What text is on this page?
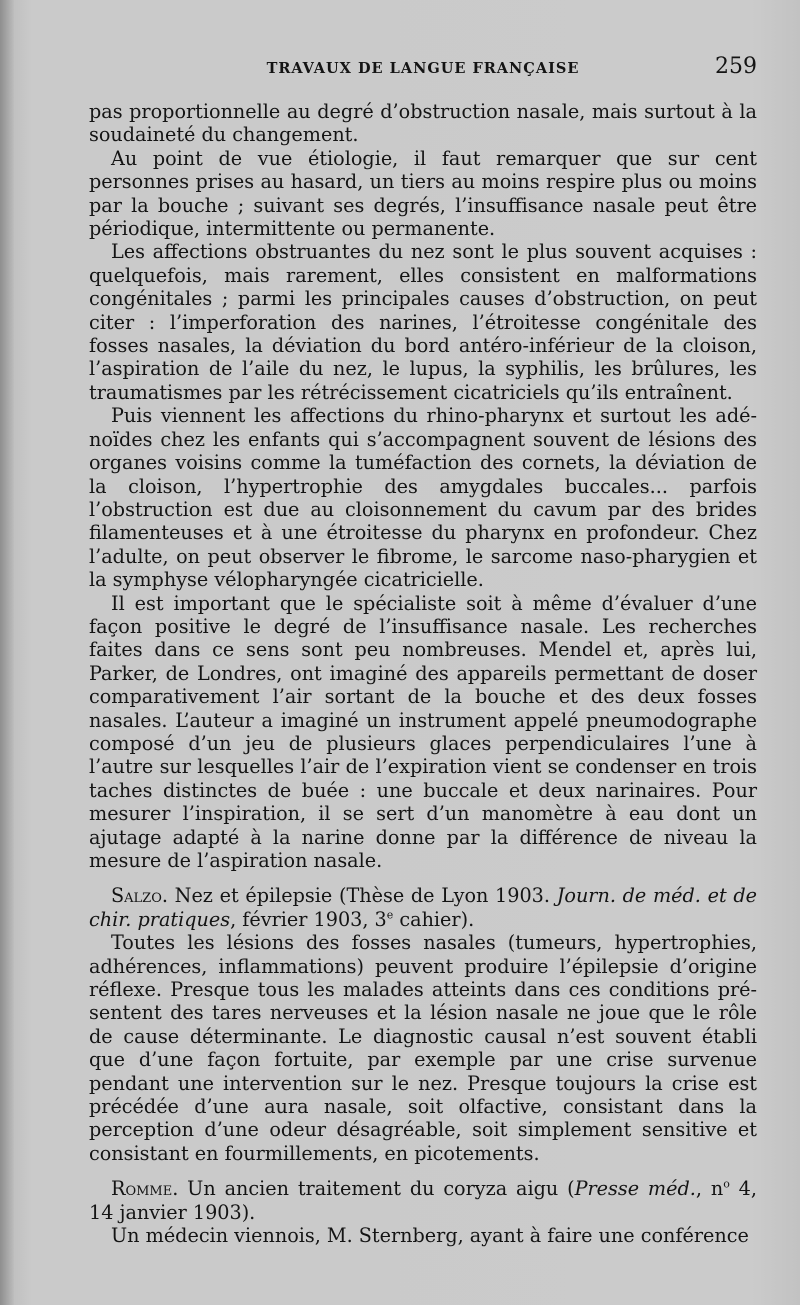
TRAVAUX DE LANGUE FRANÇAISE	259

pas proportionnelle au degré d’obstruction nasale, mais surtout à la soudaineté du changement.

Au point de vue étiologie, il faut remarquer que sur cent personnes prises au hasard, un tiers au moins respire plus ou moins par la bouche ; suivant ses degrés, l’insuffisance nasale peut être périodique, intermittente ou permanente.

Les affections obstruantes du nez sont le plus souvent acquises : quelquefois, mais rarement, elles consistent en malformations congénitales ; parmi les principales causes d’obstruction, on peut citer : l’imperforation des narines, l’étroitesse congénitale des fosses nasales, la déviation du bord antéro-inférieur de la cloison, l’aspiration de l’aile du nez, le lupus, la syphilis, les brûlures, les traumatismes par les rétrécissement cicatriciels qu’ils entraînent.

Puis viennent les affections du rhino-pharynx et surtout les adénoïdes chez les enfants qui s’accompagnent souvent de lésions des organes voisins comme la tuméfaction des cornets, la déviation de la cloison, l’hypertrophie des amygdales buccales... parfois l’obstruction est due au cloisonnement du cavum par des brides filamenteuses et à une étroitesse du pharynx en profondeur. Chez l’adulte, on peut observer le fibrome, le sarcome naso-pharygien et la symphyse vélopharyngée cicatricielle.

Il est important que le spécialiste soit à même d’évaluer d’une façon positive le degré de l’insuffisance nasale. Les recherches faites dans ce sens sont peu nombreuses. Mendel et, après lui, Parker, de Londres, ont imaginé des appareils permettant de doser comparativement l’air sortant de la bouche et des deux fosses nasales. L’auteur a imaginé un instrument appelé pneumodographe composé d’un jeu de plusieurs glaces perpendiculaires l’une à l’autre sur lesquelles l’air de l’expiration vient se condenser en trois taches distinctes de buée : une buccale et deux narinaires. Pour mesurer l’inspiration, il se sert d’un manomètre à eau dont un ajutage adapté à la narine donne par la différence de niveau la mesure de l’aspiration nasale.

Salzo. Nez et épilepsie (Thèse de Lyon 1903. Journ. de méd. et de chir. pratiques, février 1903, 3e cahier).

Toutes les lésions des fosses nasales (tumeurs, hypertrophies, adhérences, inflammations) peuvent produire l’épilepsie d’origine réflexe. Presque tous les malades atteints dans ces conditions présentent des tares nerveuses et la lésion nasale ne joue que le rôle de cause déterminante. Le diagnostic causal n’est souvent établi que d’une façon fortuite, par exemple par une crise survenue pendant une intervention sur le nez. Presque toujours la crise est précédée d’une aura nasale, soit olfactive, consistant dans la perception d’une odeur désagréable, soit simplement sensitive et consistant en fourmillements, en picotements.

Romme. Un ancien traitement du coryza aigu (Presse méd., $n^o$ 4, 14 janvier 1903).

Un médecin viennois, M. Sternberg, ayant à faire une conférence
